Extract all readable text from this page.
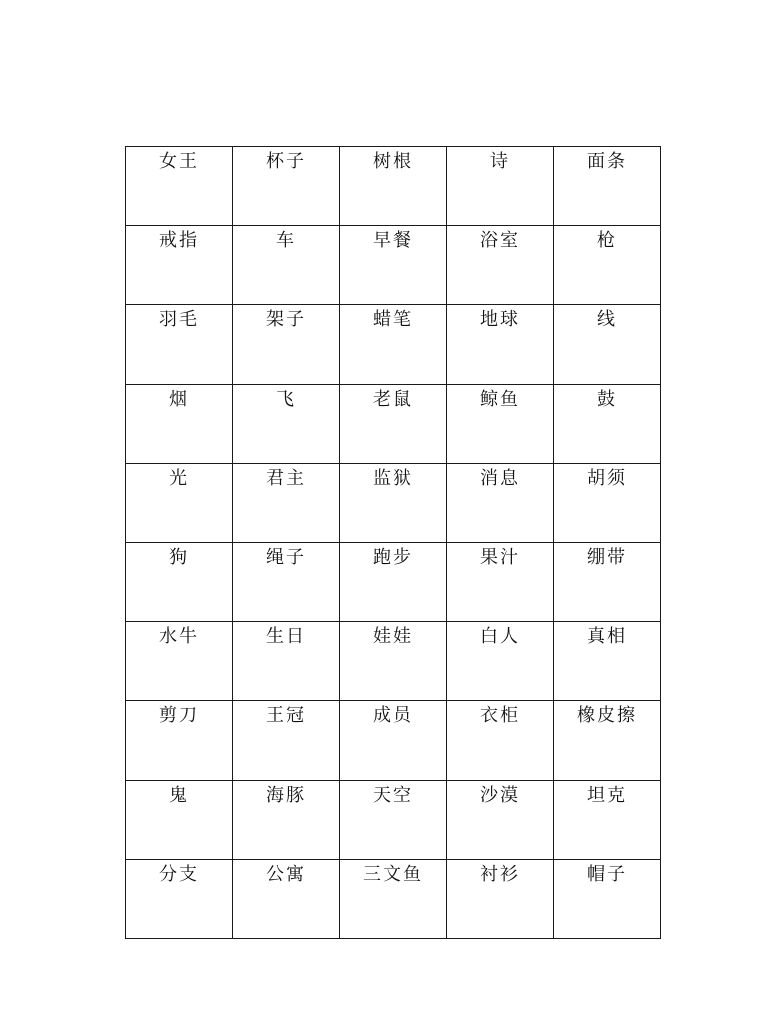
女王	杯子	树根	诗	面条
戒指	车	早餐	浴室	枪
羽毛	架子	蜡笔	地球	线
烟	飞	老鼠	鲸鱼	鼓
光	君主	监狱	消息	胡须
狗	绳子	跑步	果汁	绷带
水牛	生日	娃娃	白人	真相
剪刀	王冠	成员	衣柜	橡皮擦
鬼	海豚	天空	沙漠	坦克
分支	公寓	三文鱼	衬衫	帽子
